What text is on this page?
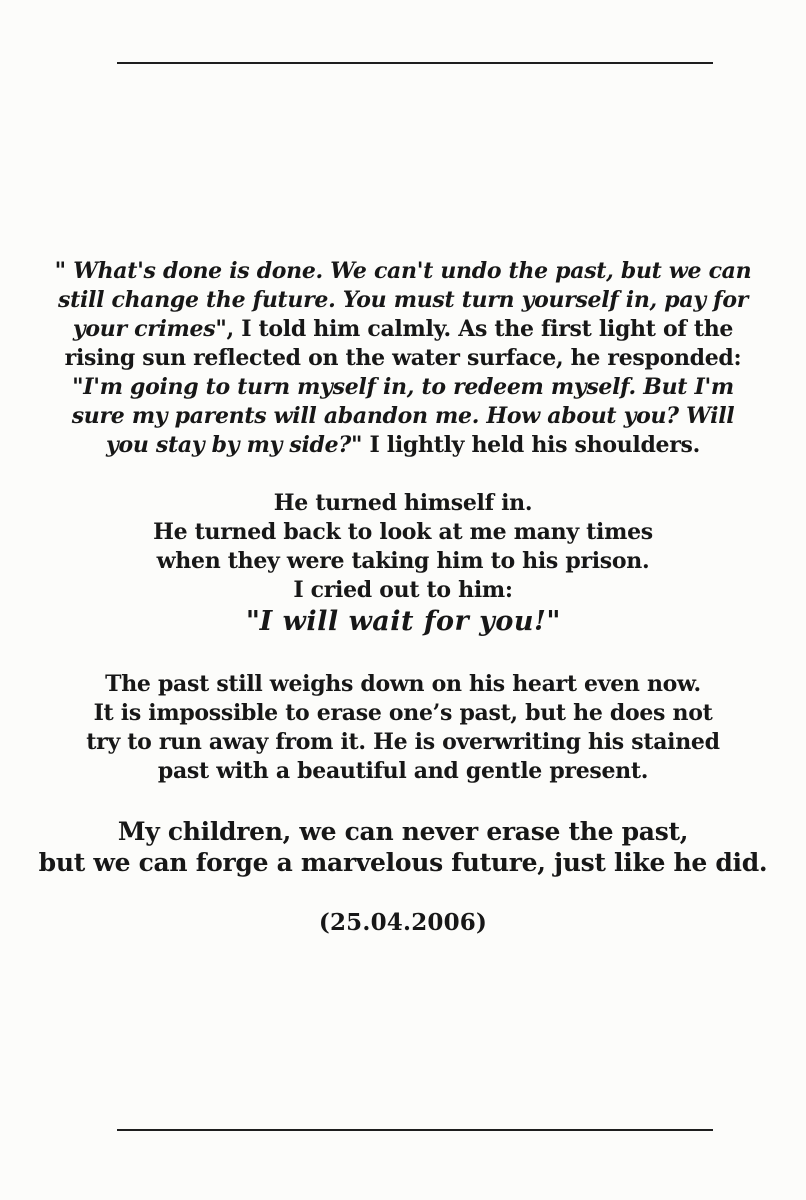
" What's done is done. We can't undo the past, but we can
still change the future. You must turn yourself in, pay for
your crimes", I told him calmly. As the first light of the
rising sun reflected on the water surface, he responded:
"I'm going to turn myself in, to redeem myself. But I'm
sure my parents will abandon me. How about you? Will
you stay by my side?" I lightly held his shoulders.
He turned himself in.
He turned back to look at me many times
when they were taking him to his prison.
I cried out to him:
"I will wait for you!"
The past still weighs down on his heart even now.
It is impossible to erase one’s past, but he does not
try to run away from it. He is overwriting his stained
past with a beautiful and gentle present.
My children, we can never erase the past,
but we can forge a marvelous future, just like he did.
(25.04.2006)
